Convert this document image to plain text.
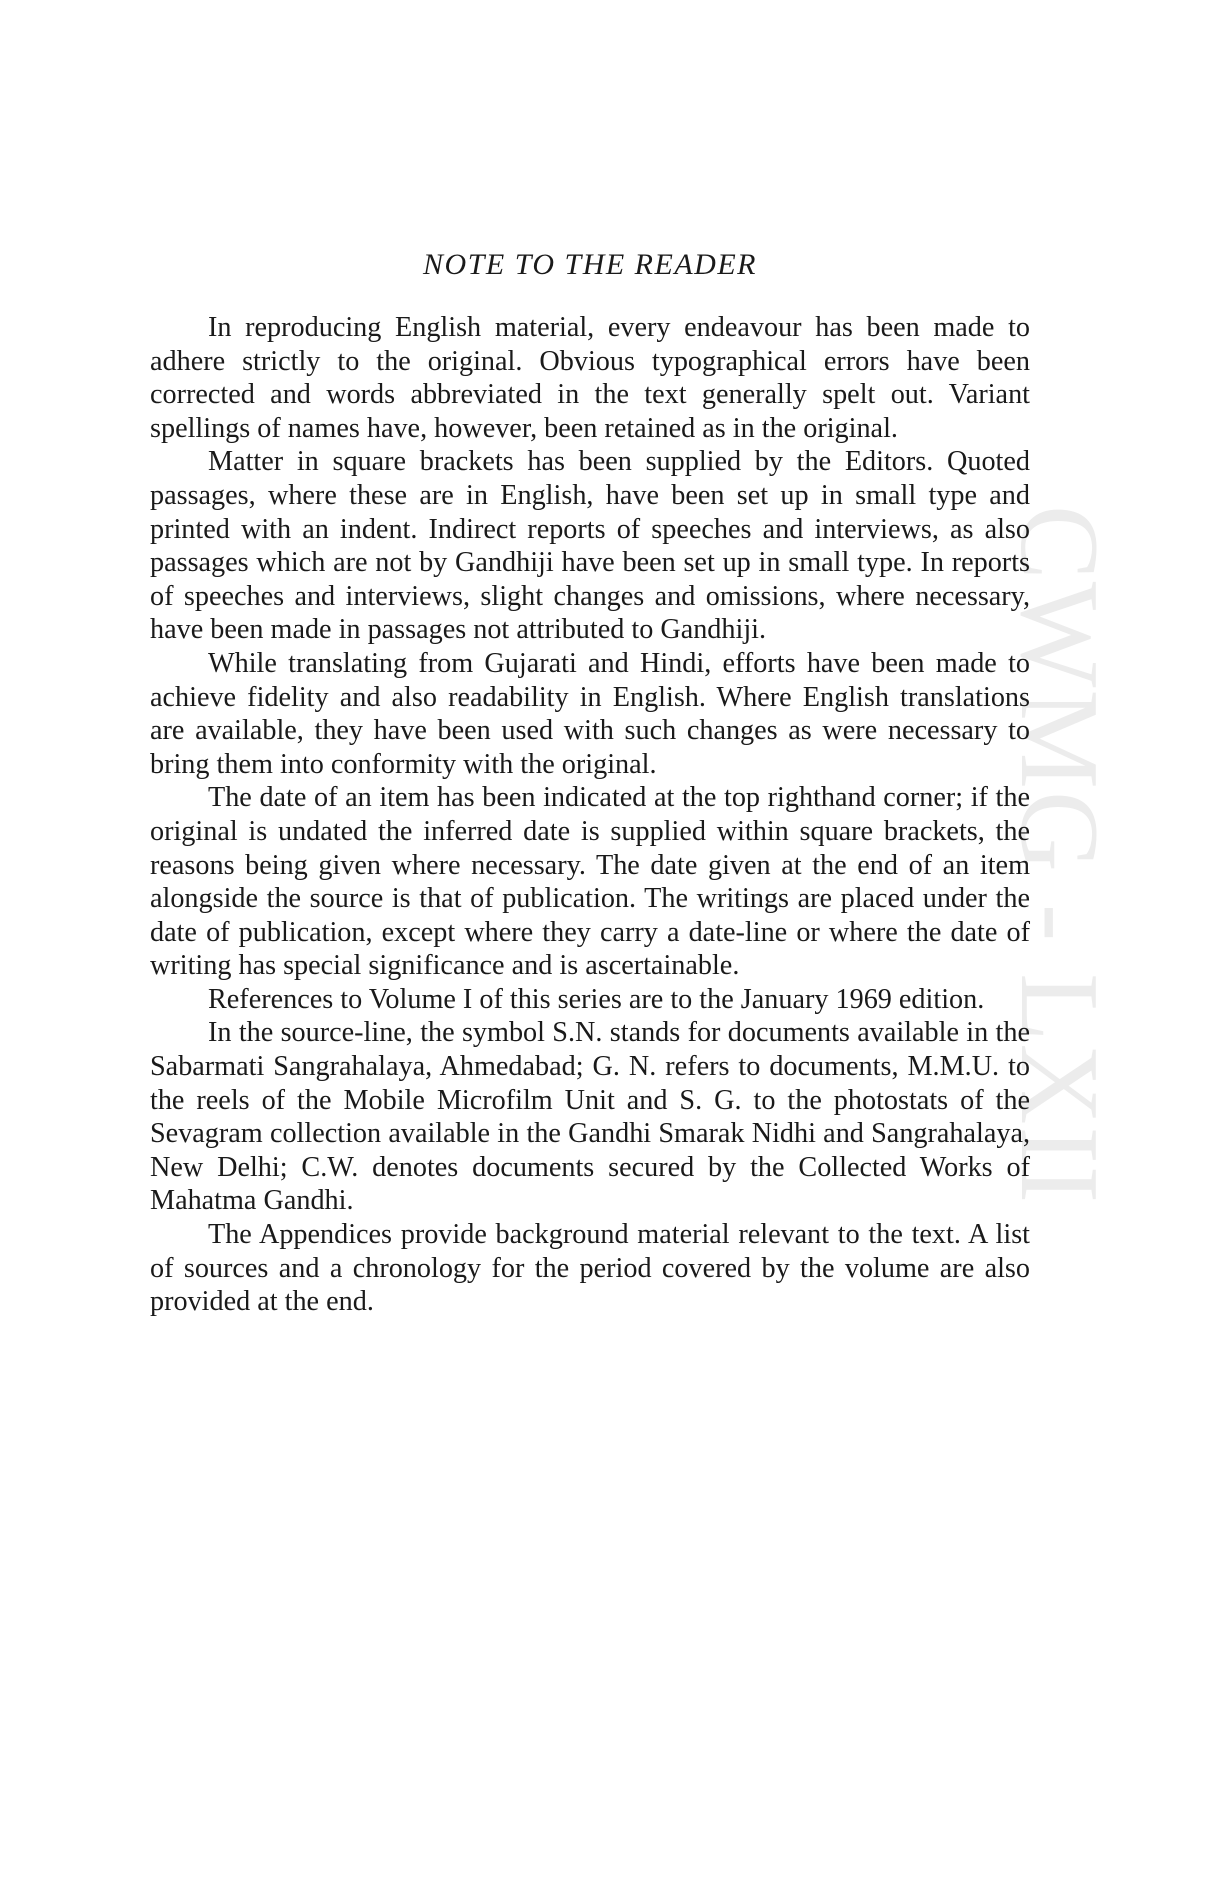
CWMG - LXII
NOTE TO THE READER

In reproducing English material, every endeavour has been made to adhere strictly to the original. Obvious typographical errors have been corrected and words abbreviated in the text generally spelt out. Variant spellings of names have, however, been retained as in the original.

Matter in square brackets has been supplied by the Editors. Quoted passages, where these are in English, have been set up in small type and printed with an indent. Indirect reports of speeches and interviews, as also passages which are not by Gandhiji have been set up in small type. In reports of speeches and interviews, slight changes and omissions, where necessary, have been made in passages not attributed to Gandhiji.

While translating from Gujarati and Hindi, efforts have been made to achieve fidelity and also readability in English. Where English translations are available, they have been used with such changes as were necessary to bring them into conformity with the original.

The date of an item has been indicated at the top righthand corner; if the original is undated the inferred date is supplied within square brackets, the reasons being given where necessary. The date given at the end of an item alongside the source is that of publication. The writings are placed under the date of publication, except where they carry a date-line or where the date of writing has special significance and is ascertainable.

References to Volume I of this series are to the January 1969 edition.

In the source-line, the symbol S.N. stands for documents available in the Sabarmati Sangrahalaya, Ahmedabad; G. N. refers to documents, M.M.U. to the reels of the Mobile Microfilm Unit and S. G. to the photostats of the Sevagram collection available in the Gandhi Smarak Nidhi and Sangrahalaya, New Delhi; C.W. denotes documents secured by the Collected Works of Mahatma Gandhi.

The Appendices provide background material relevant to the text. A list of sources and a chronology for the period covered by the volume are also provided at the end.
